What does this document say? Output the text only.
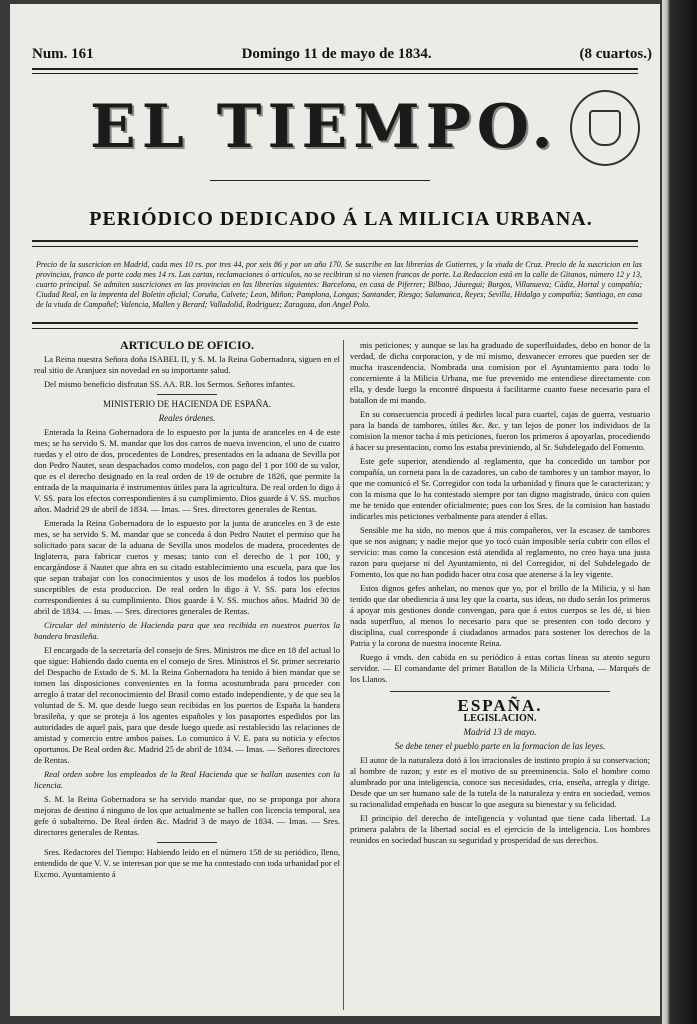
Num. 161	Domingo 11 de mayo de 1834.	(8 cuartos.)
EL TIEMPO.
PERIÓDICO DEDICADO Á LA MILICIA URBANA.
Precio de la suscricion en Madrid, cada mes 10 rs. por tres 44, por seis 86 y por un año 170. Se suscribe en las librerías de Gutierres, y la viuda de Cruz. Precio de la suscricion en las provincias, franco de porte cada mes 14 rs. Las cartas, reclamaciones ó articulos, no se recibiran si no vienen francos de porte. La Redaccion está en la calle de Gitanos, número 12 y 13, cuarto principal. Se admiten suscriciones en las provincias en las librerías siguientes: Barcelona, en casa de Piferrer; Bilbao, Jáuregui; Burgos, Villanueva; Cádiz, Hortal y compañía; Ciudad Real, en la imprenta del Boletin oficial; Coruña, Calvete; Leon, Miñon; Pamplona, Longas; Santander, Riesgo; Salamanca, Reyes; Sevilla, Hidalgo y compañía; Santiago, en casa de la viuda de Campañel; Valencia, Mallen y Berard; Valladolid, Rodriguez; Zaragoza, don Angel Polo.

ARTICULO DE OFICIO.

La Reina nuestra Señora doña ISABEL II, y S. M. la Reina Gobernadora, siguen en el real sitio de Aranjuez sin novedad en su importante salud.

Del mismo beneficio disfrutan SS. AA. RR. los Sermos. Señores infantes.

MINISTERIO DE HACIENDA DE ESPAÑA.

Reales órdenes.

Enterada la Reina Gobernadora de lo espuesto por la junta de aranceles en 4 de este mes; se ha servido S. M. mandar que los dos carros de nueva invencion, el uno de cuatro ruedas y el otro de dos, procedentes de Londres, presentados en la aduana de Sevilla por don Pedro Nautet, sean despachados como modelos, con pago del 1 por 100 de su valor, que es el derecho designado en la real orden de 19 de octubre de 1826, que permite la entrada de la maquinaria é instrumentos útiles para la agricultura. De real orden lo digo á V. SS. para los efectos correspondientes á su cumplimiento. Dios guarde á V. SS. muchos años. Madrid 29 de abril de 1834. — Imas. — Sres. directores generales de Rentas.

Enterada la Reina Gobernadora de lo espuesto por la junta de aranceles en 3 de este mes, se ha servido S. M. mandar que se conceda á don Pedro Nautet el permiso que ha solicitado para sacar de la aduana de Sevilla unos modelos de madera, procedentes de Inglaterra, para fabricar cueros y mesas; tanto con el derecho de 1 por 100, y encargándose á Nautet que abra en su citado establecimiento una escuela, para que los que sepan trabajar con los conocimientos y usos de los modelos á todos los pueblos susceptibles de esta produccion. De real orden lo digo á V. SS. para los efectos correspondientes á su cumplimiento. Dios guarde á V. SS. muchos años. Madrid 30 de abril de 1834. — Imas. — Sres. directores generales de Rentas.

Circular del ministerio de Hacienda para que sea recibida en nuestros puertos la bandera brasileña.

El encargado de la secretaría del consejo de Sres. Ministros me dice en 18 del actual lo que sigue: Habiendo dado cuenta en el consejo de Sres. Ministros el Sr. primer secretario del Despacho de Estado de S. M. la Reina Gobernadora ha tenido á bien mandar que se tomen las disposiciones convenientes en la forma acostumbrada para proceder con arreglo á tratar del reconocimiento del Brasil como estado independiente, y de que sea la voluntad de S. M. que desde luego sean recibidas en los puertos de España la bandera brasileña, y que se proteja á los agentes españoles y los pasaportes espedidos por las autoridades de aquel país, para que desde luego quede así restablecido las relaciones de amistad y comercio entre ambos paises. Lo comunico á V. E. para su noticia y efectos oportunos. De Real orden &c. Madrid 25 de abril de 1834. — Imas. — Señores directores de Rentas.

Real orden sobre los empleados de la Real Hacienda que se hallan ausentes con la licencia.

S. M. la Reina Gobernadora se ha servido mandar que, no se proponga por ahora mejoras de destino á ninguno de los que actualmente se hallen con licencia temporal, sea gefe ó subalterno. De Real órden &c. Madrid 3 de mayo de 1834. — Imas. — Sres. directores generales de Rentas.

Sres. Redactores del Tiempo: Habiendo leido en el número 158 de su periódico, lleno, entendido de que V. V. se interesan por que se me ha contestado con toda urbanidad por el Excmo. Ayuntamiento á

mis peticiones; y aunque se las ha graduado de superfluidades, debo en honor de la verdad, de dicha corporacion, y de mí mismo, desvanecer errores que pueden ser de mucha trascendencia. Nombrada una comision por el Ayuntamiento para todo lo concerniente á la Milicia Urbana, me fue prevenido me entendiese directamente con ella, y desde luego la encontré dispuesta á facilitarme cuanto fuese necesario para el batallon de mi mando.

En su consecuencia procedí á pedirles local para cuartel, cajas de guerra, vestuario para la banda de tambores, útiles &c. &c. y tan lejos de poner los individuos de la comision la menor tacha á mis peticiones, fueron los primeros á apoyarlas, procediendo á hacer su presentacion, como los estaba previniendo, al Sr. Subdelegado del Fomento.

Este gefe superior, atendiendo al reglamento, que ha concedido un tambor por compañía, un corneta para la de cazadores, un cabo de tambores y un tambor mayor, lo que me comunicó el Sr. Corregidor con toda la urbanidad y finura que le caracterizan; y con la misma que lo ha contestado siempre por tan digno magistrado, único con quien me he tenido que entender oficialmente; pues con los Sres. de la comision han bastado indicarles mis peticiones verbalmente para atender á ellas.

Sensible me ha sido, no menos que á mis compañeros, ver la escasez de tambores que se nos asignan; y nadie mejor que yo tocó cuán imposible sería cubrir con ellos el servicio: mas como la concesion está atendida al reglamento, no creo haya una justa razon para quejarse ni del Ayuntamiento, ni del Corregidor, ni del Subdelegado de Fomento, los que no han podido hacer otra cosa que atenerse á la ley vigente.

Estos dignos gefes anhelan, no menos que yo, por el brillo de la Milicia, y si han tenido que dar obediencia á una ley que la coarta, sus ideas, no dudo serán los primeros á apoyar mis gestiones donde convengan, para que á estos cuerpos se les dé, si bien nada superfluo, al menos lo necesario para que se presenten con todo decoro y disciplina, cual corresponde á ciudadanos armados para sostener los derechos de la Patria y la corona de nuestra inocente Reina.

Ruego á vmds. den cabida en su periódico á estas cortas líneas su atento seguro servidor. — El comandante del primer Batallon de la Milicia Urbana, — Marqués de los Llanos.

ESPAÑA.

LEGISLACION.

Madrid 13 de mayo.

Se debe tener el pueblo parte en la formacion de las leyes.

El autor de la naturaleza dotó á los irracionales de instinto propio á su conservacion; al hombre de razon; y este es el motivo de su preeminencia. Solo el hombre como alumbrado por una inteligencia, conoce sus necesidades, cria, enseña, arregla y dirige. Desde que un ser humano sale de la tutela de la naturaleza y entra en sociedad, vemos su racionalidad empeñada en buscar lo que asegura su bienestar y su felicidad.

El principio del derecho de inteligencia y voluntad que tiene cada libertad. La primera palabra de la libertad social es el ejercicio de la inteligencia. Los hombres reunidos en sociedad buscan su seguridad y prosperidad de sus derechos.
